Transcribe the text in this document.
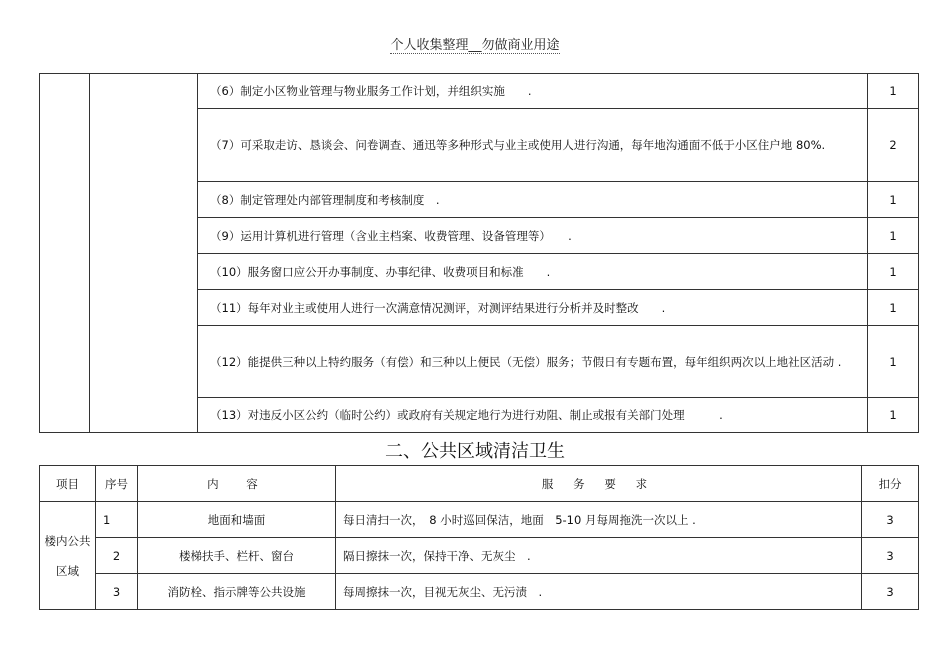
个人收集整理__勿做商业用途
		（6）制定小区物业管理与物业服务工作计划，并组织实施　　.	1
		（7）可采取走访、恳谈会、问卷调查、通迅等多种形式与业主或使用人进行沟通，每年地沟通面不低于小区住户地 80%.	2
		（8）制定管理处内部管理制度和考核制度　.	1
		（9）运用计算机进行管理（含业主档案、收费管理、设备管理等）　　.	1
		（10）服务窗口应公开办事制度、办事纪律、收费项目和标准　　.	1
		（11）每年对业主或使用人进行一次满意情况测评，对测评结果进行分析并及时整改　　.	1
		（12）能提供三种以上特约服务（有偿）和三种以上便民（无偿）服务；节假日有专题布置，每年组织两次以上地社区活动 .	1
		（13）对违反小区公约（临时公约）或政府有关规定地行为进行劝阻、制止或报有关部门处理　　　.	1
二、公共区域清洁卫生
项目	序号	内　容	服 务 要 求	扣分
楼内公共区域	1	地面和墙面	每日清扫一次，　8 小时巡回保洁，地面　5-10 月每周拖洗一次以上 .	3
	2	楼梯扶手、栏杆、窗台	隔日擦抹一次，保持干净、无灰尘　.	3
	3	消防栓、指示牌等公共设施	每周擦抹一次，目视无灰尘、无污渍　.	3
